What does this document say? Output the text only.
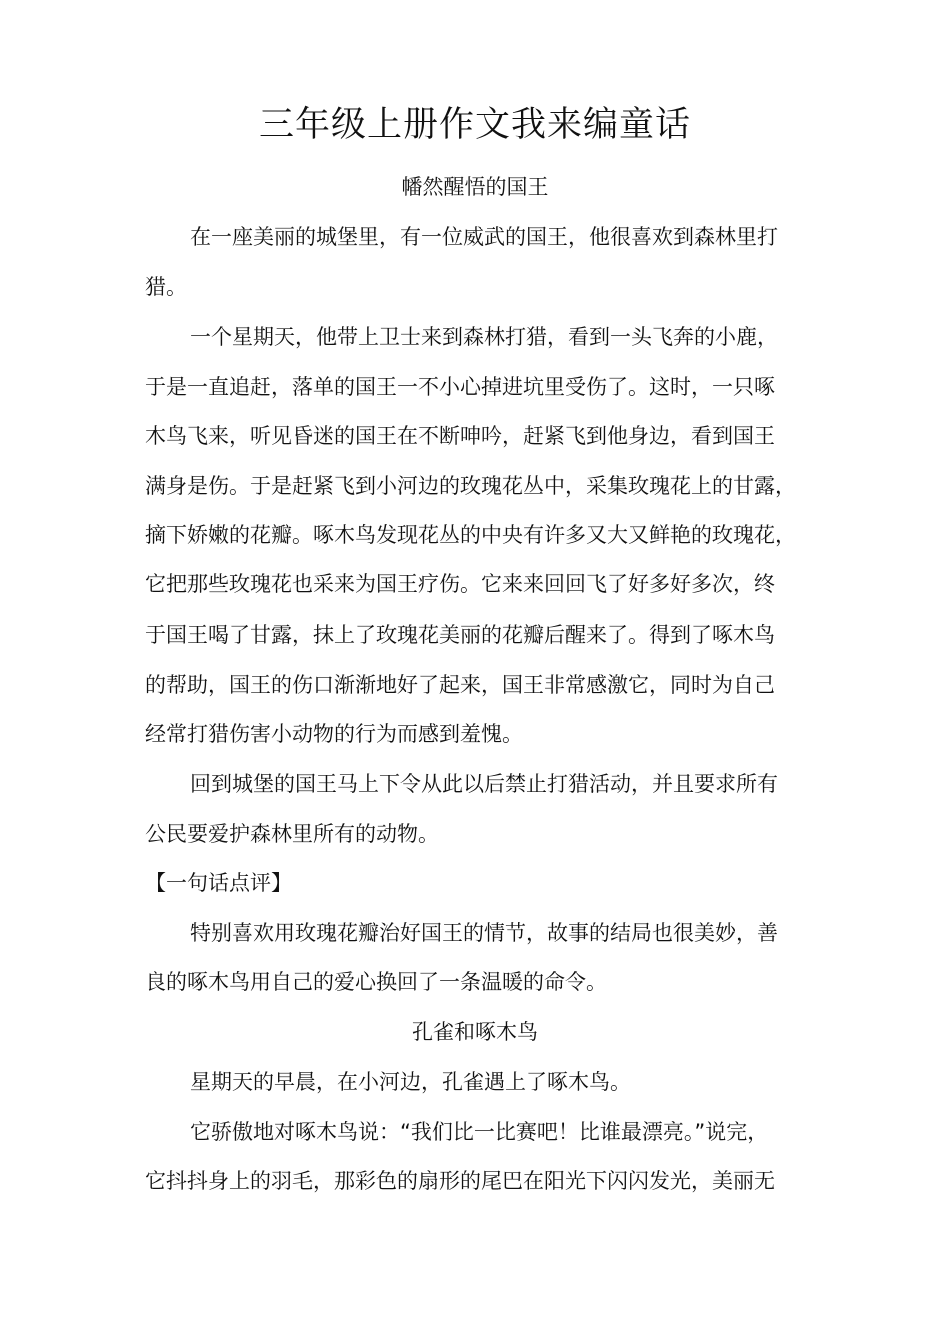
三年级上册作文我来编童话
幡然醒悟的国王
在一座美丽的城堡里，有一位威武的国王，他很喜欢到森林里打
猎。
一个星期天，他带上卫士来到森林打猎，看到一头飞奔的小鹿，
于是一直追赶，落单的国王一不小心掉进坑里受伤了。这时，一只啄
木鸟飞来，听见昏迷的国王在不断呻吟，赶紧飞到他身边，看到国王
满身是伤。于是赶紧飞到小河边的玫瑰花丛中，采集玫瑰花上的甘露，
摘下娇嫩的花瓣。啄木鸟发现花丛的中央有许多又大又鲜艳的玫瑰花，
它把那些玫瑰花也采来为国王疗伤。它来来回回飞了好多好多次，终
于国王喝了甘露，抹上了玫瑰花美丽的花瓣后醒来了。得到了啄木鸟
的帮助，国王的伤口渐渐地好了起来，国王非常感激它，同时为自己
经常打猎伤害小动物的行为而感到羞愧。
回到城堡的国王马上下令从此以后禁止打猎活动，并且要求所有
公民要爱护森林里所有的动物。
【一句话点评】
特别喜欢用玫瑰花瓣治好国王的情节，故事的结局也很美妙，善
良的啄木鸟用自己的爱心换回了一条温暖的命令。
孔雀和啄木鸟
星期天的早晨，在小河边，孔雀遇上了啄木鸟。
它骄傲地对啄木鸟说：“我们比一比赛吧！比谁最漂亮。”说完，
它抖抖身上的羽毛，那彩色的扇形的尾巴在阳光下闪闪发光，美丽无
